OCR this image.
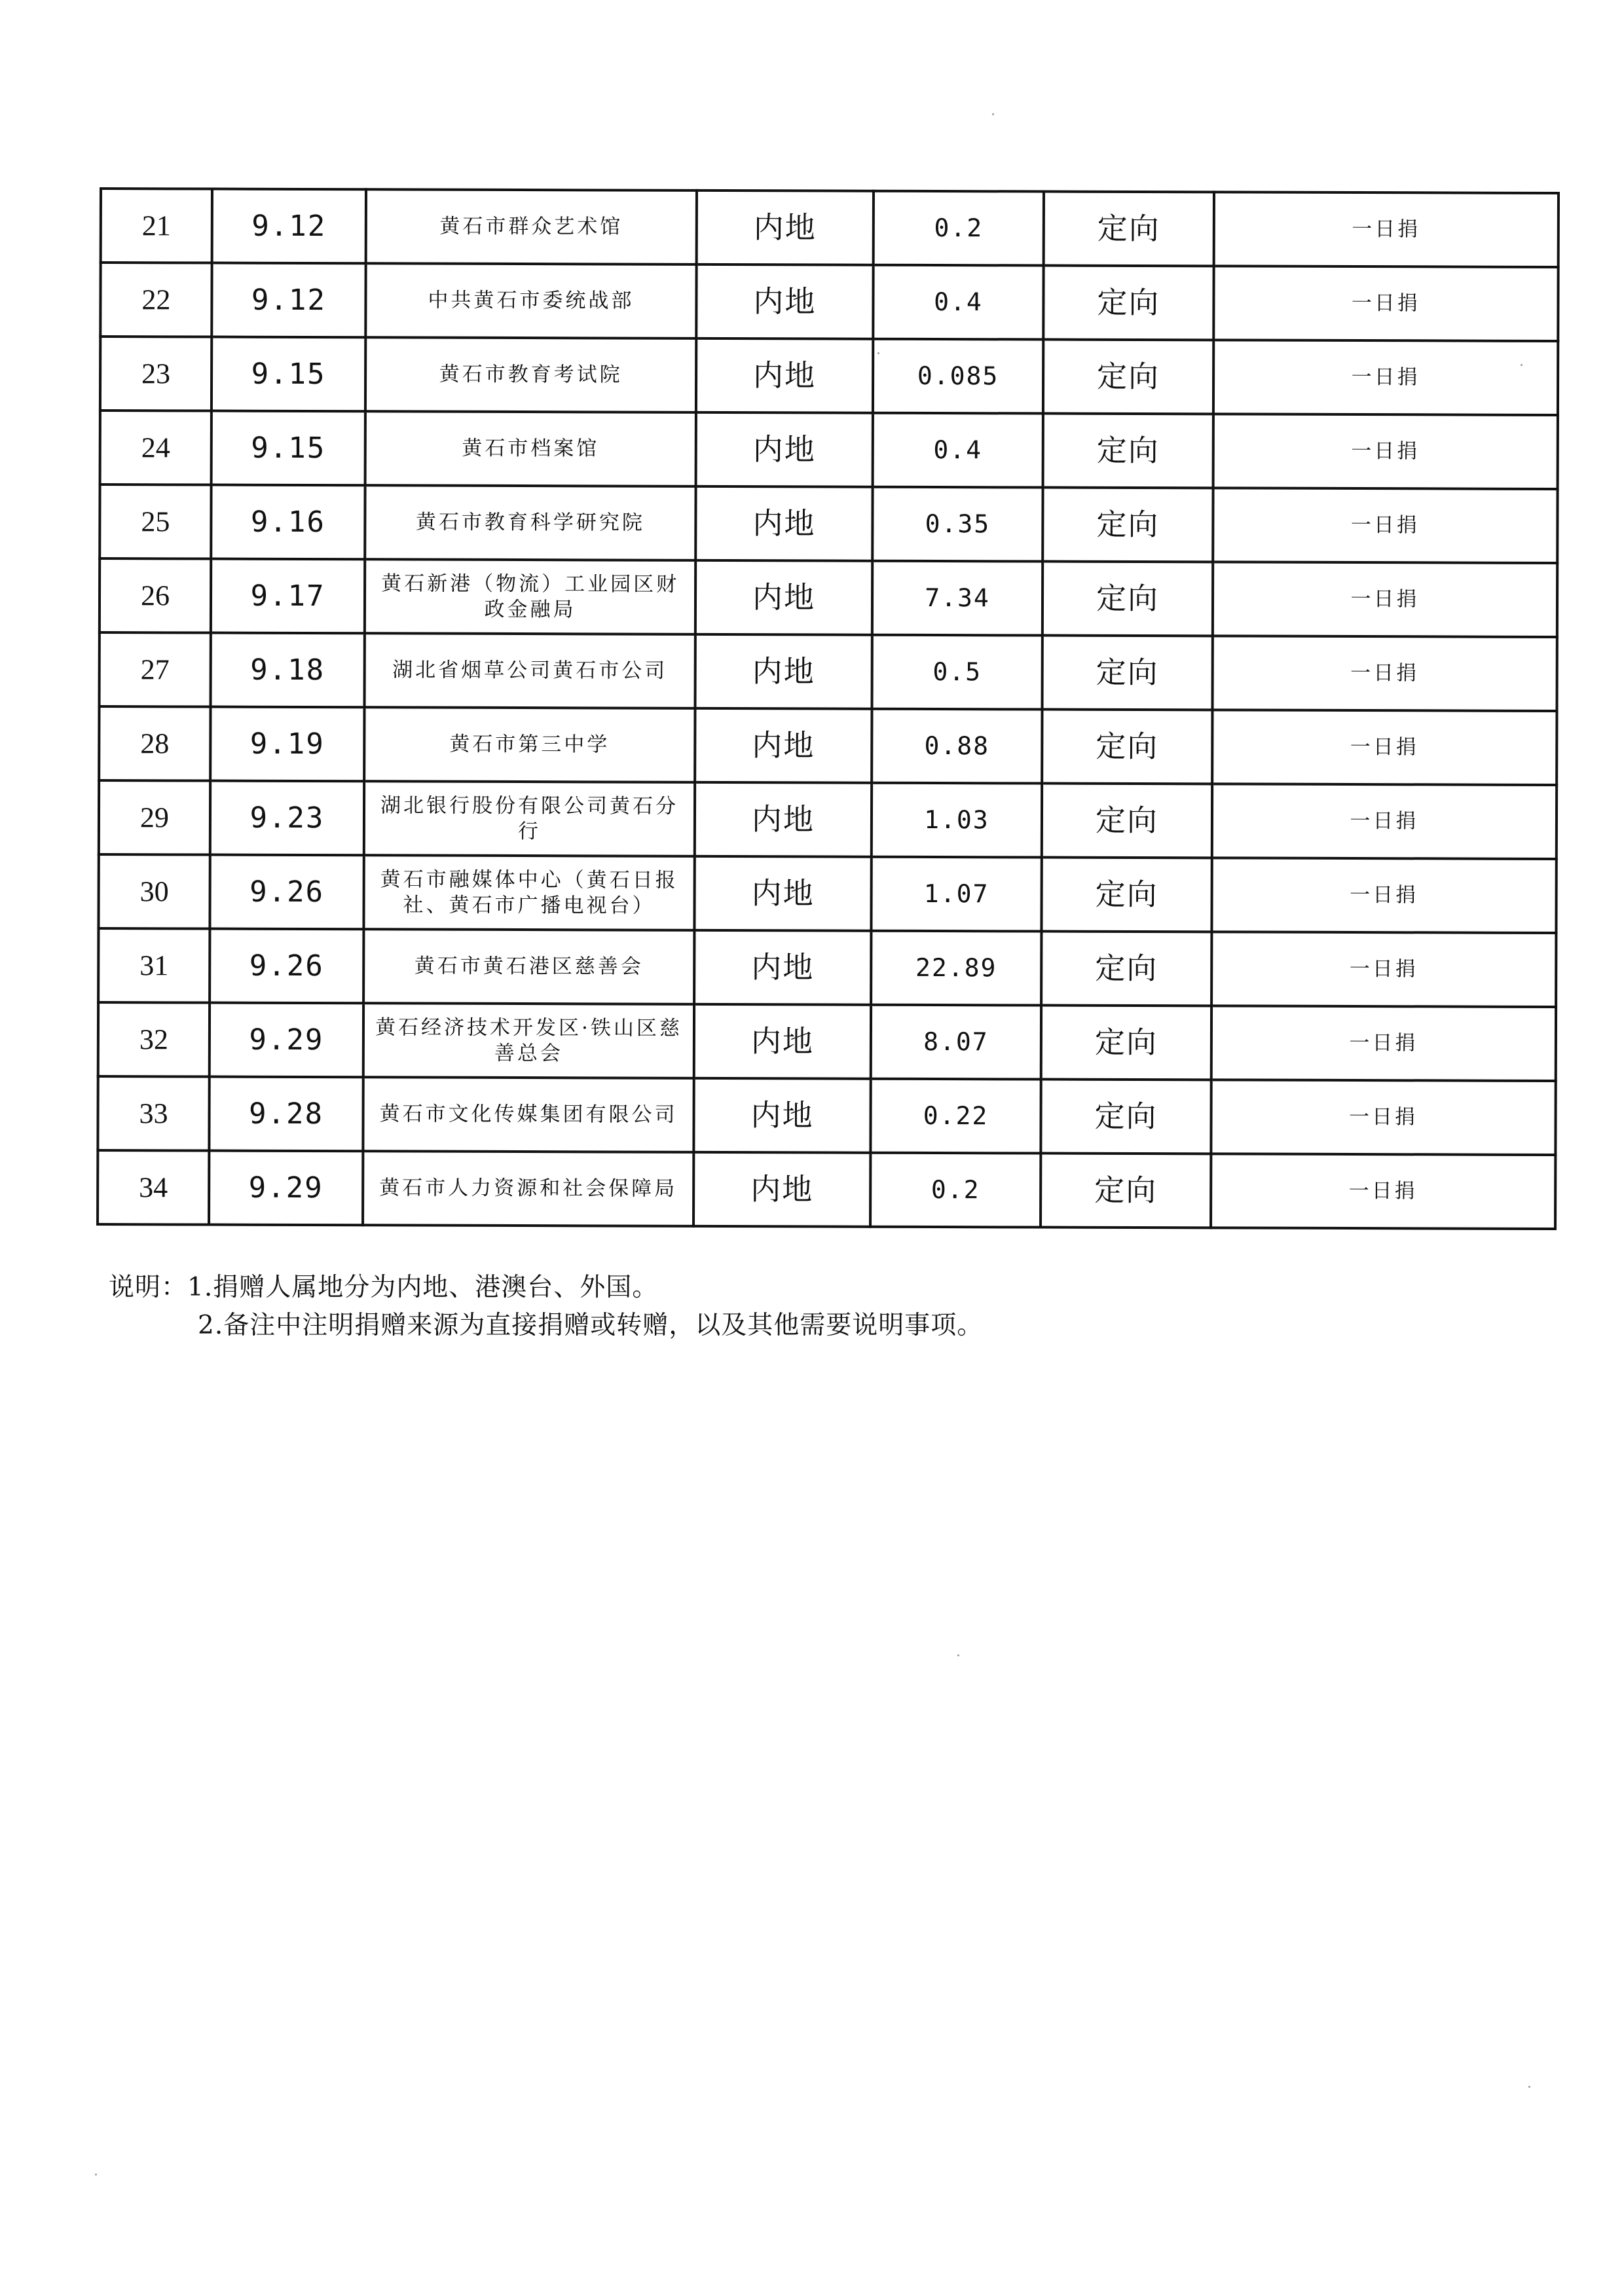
21	9.12	黄石市群众艺术馆	内地	0.2	定向	一日捐
22	9.12	中共黄石市委统战部	内地	0.4	定向	一日捐
23	9.15	黄石市教育考试院	内地	0.085	定向	一日捐
24	9.15	黄石市档案馆	内地	0.4	定向	一日捐
25	9.16	黄石市教育科学研究院	内地	0.35	定向	一日捐
26	9.17	黄石新港（物流）工业园区财政金融局	内地	7.34	定向	一日捐
27	9.18	湖北省烟草公司黄石市公司	内地	0.5	定向	一日捐
28	9.19	黄石市第三中学	内地	0.88	定向	一日捐
29	9.23	湖北银行股份有限公司黄石分行	内地	1.03	定向	一日捐
30	9.26	黄石市融媒体中心（黄石日报社、黄石市广播电视台）	内地	1.07	定向	一日捐
31	9.26	黄石市黄石港区慈善会	内地	22.89	定向	一日捐
32	9.29	黄石经济技术开发区·铁山区慈善总会	内地	8.07	定向	一日捐
33	9.28	黄石市文化传媒集团有限公司	内地	0.22	定向	一日捐
34	9.29	黄石市人力资源和社会保障局	内地	0.2	定向	一日捐
说明：1.捐赠人属地分为内地、港澳台、外国。
2.备注中注明捐赠来源为直接捐赠或转赠，以及其他需要说明事项。
